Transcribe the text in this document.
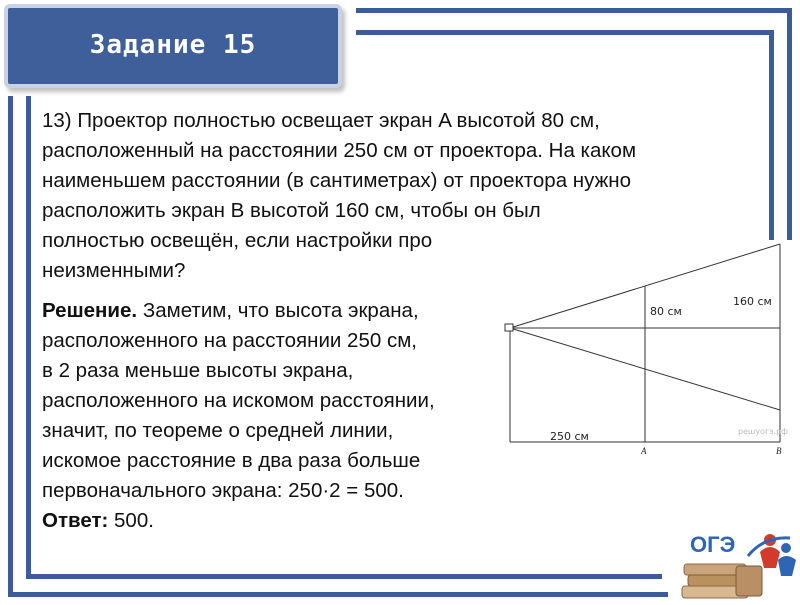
Задание 15
13) Проектор полностью освещает экран A высотой 80 см,
расположенный на расстоянии 250 см от проектора. На каком
наименьшем расстоянии (в сантиметрах) от проектора нужно
расположить экран B высотой 160 см, чтобы он был
полностью освещён, если настройки про
неизменными?
Решение. Заметим, что высота экрана,
расположенного на расстоянии 250 см,
в 2 раза меньше высоты экрана,
расположенного на искомом расстоянии,
значит, по теореме о средней линии,
искомое расстояние в два раза больше
первоначального экрана: 250·2 = 500.
Ответ: 500.
80 см
160 см
250 см
A	B
решуогэ.рф
ОГЭ
